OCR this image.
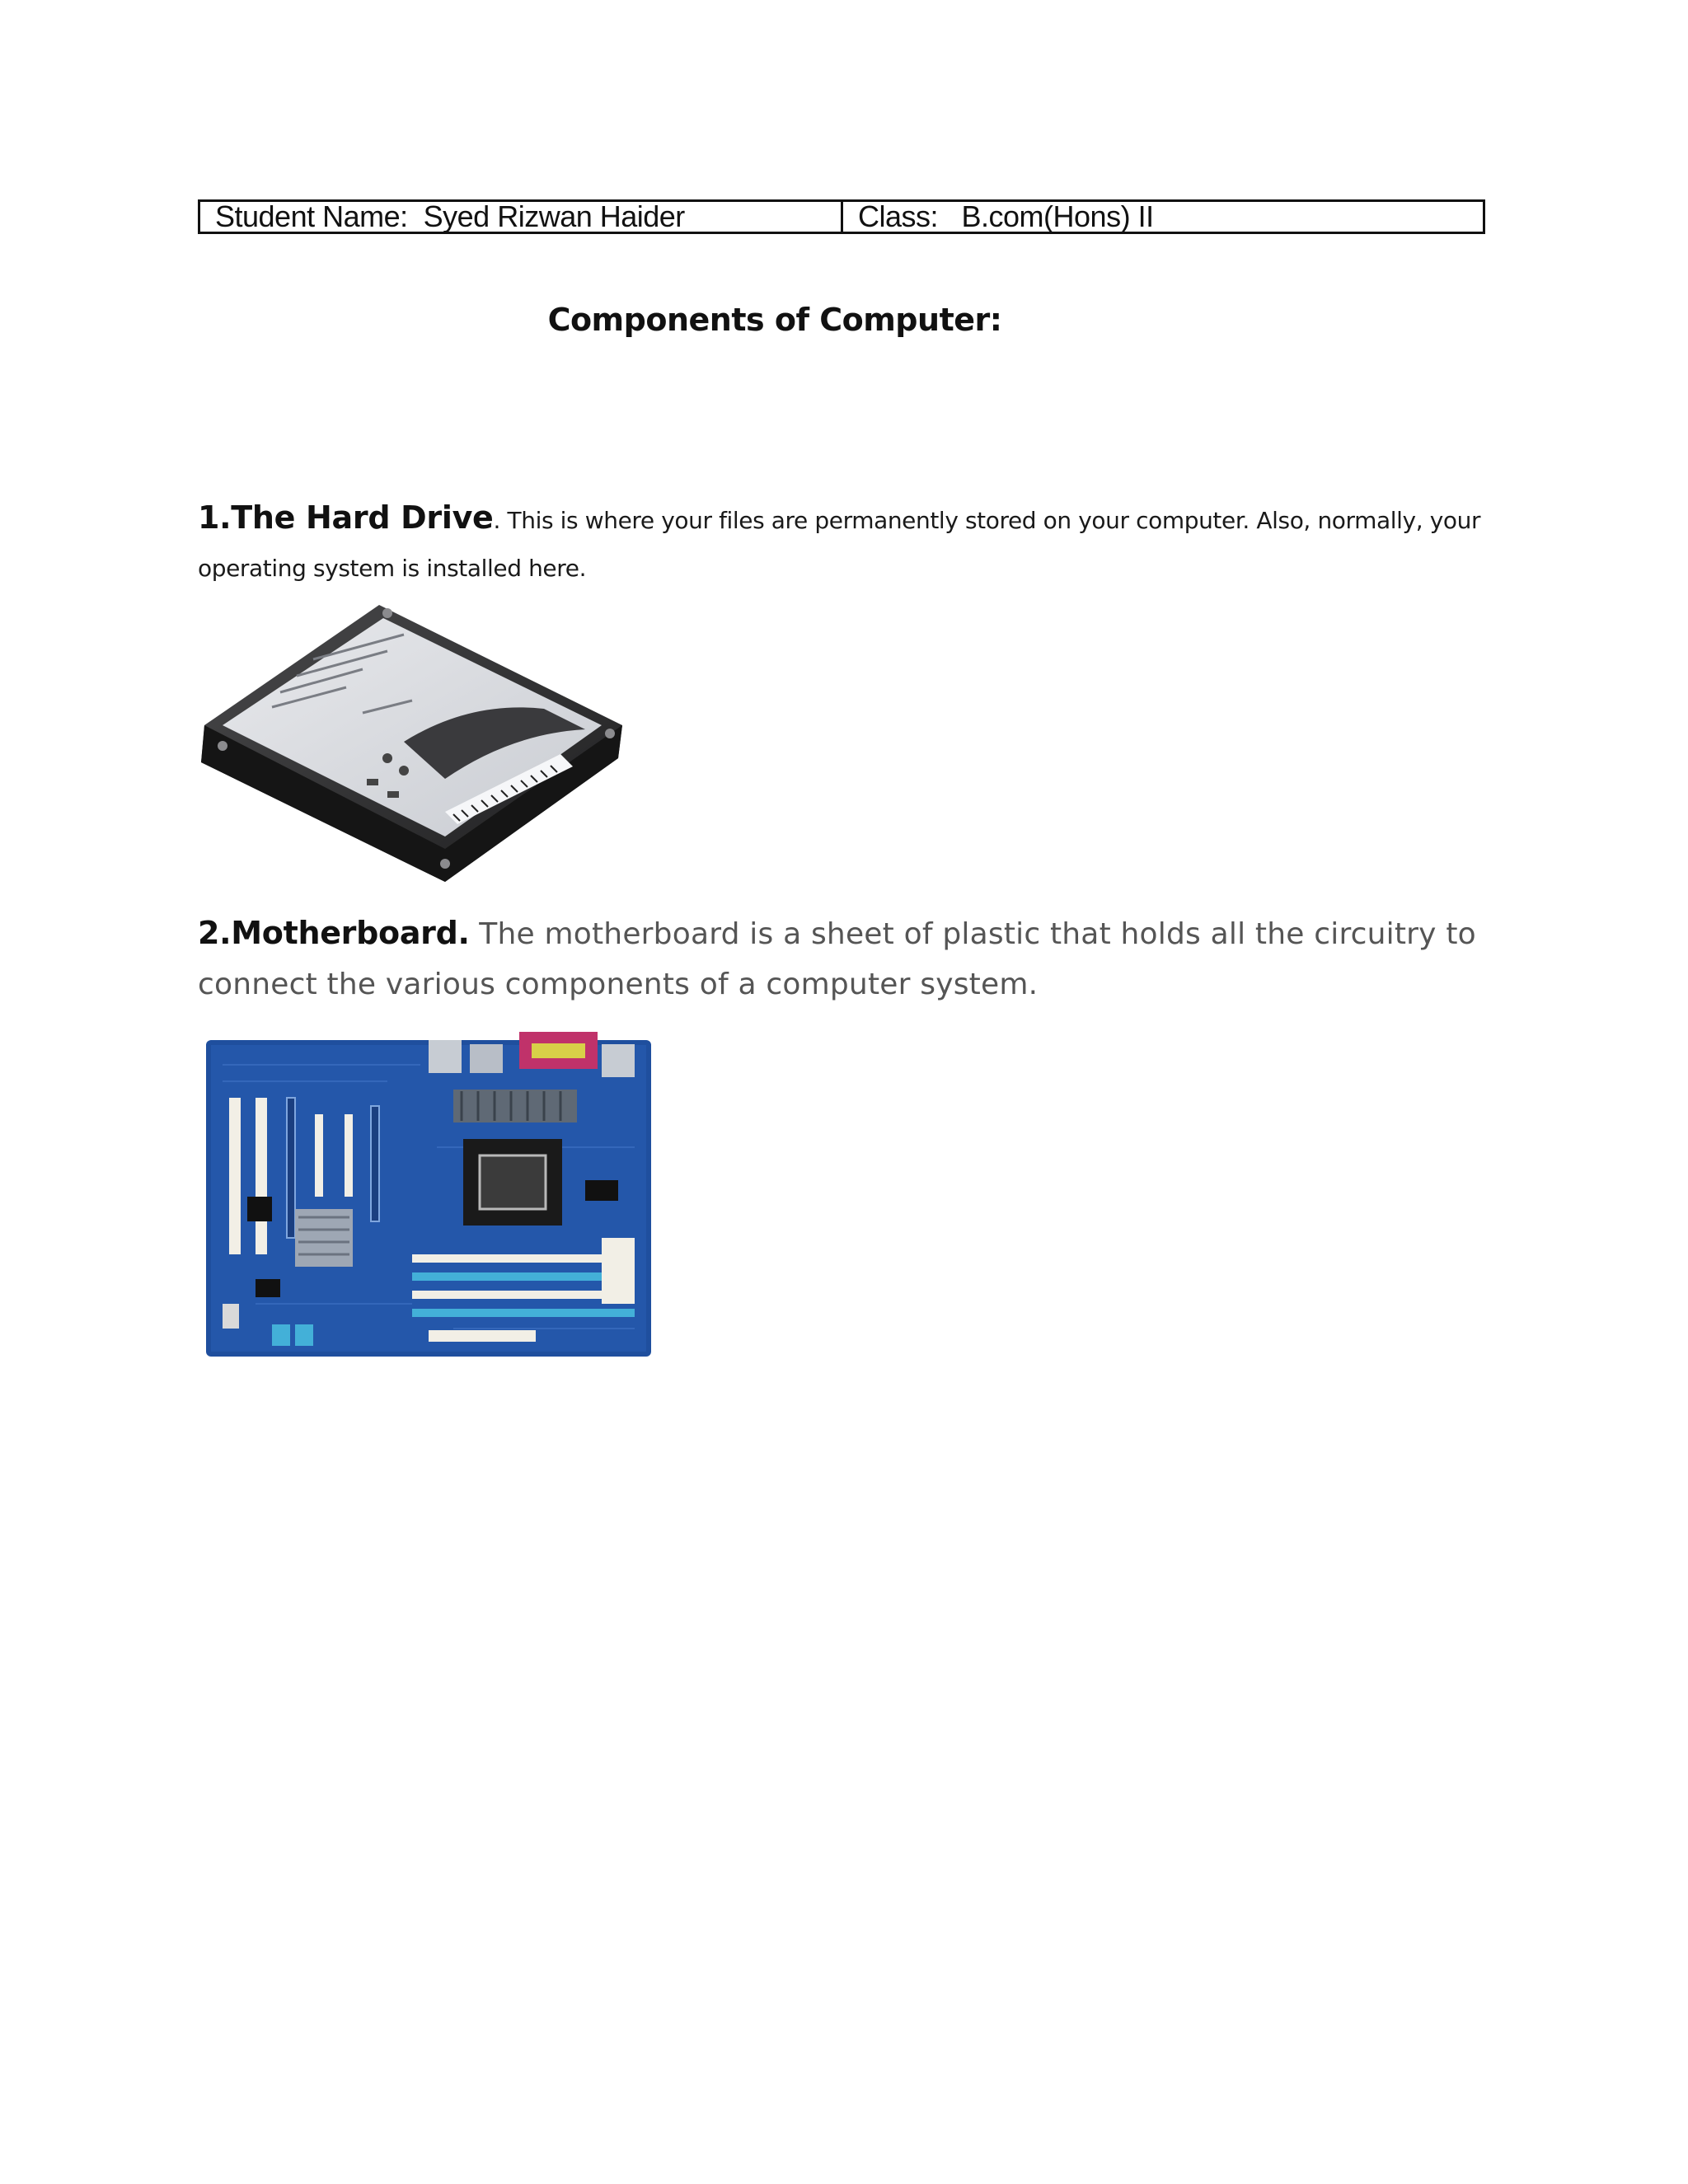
Student Name:  Syed Rizwan Haider	Class:   B.com(Hons) II
Components of Computer:
1.The Hard Drive. This is where your files are permanently stored on your computer. Also, normally, your
operating system is installed here.
2.Motherboard. The motherboard is a sheet of plastic that holds all the circuitry to
connect the various components of a computer system.
